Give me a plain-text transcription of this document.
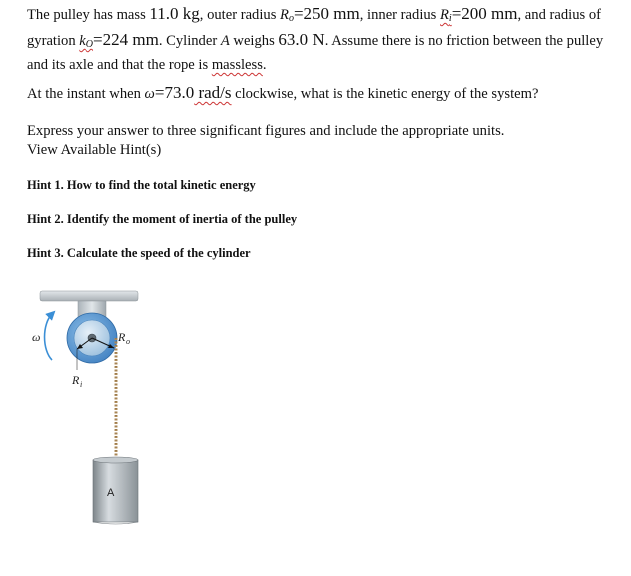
The pulley has mass 11.0 kg, outer radius $R_o=250$ mm, inner radius $R_i=200$ mm, and radius of gyration $k_O=224$ mm. Cylinder A weighs 63.0 N. Assume there is no friction between the pulley and its axle and that the rope is massless.

At the instant when ω=73.0 rad/s clockwise, what is the kinetic energy of the system?

Express your answer to three significant figures and include the appropriate units.

View Available Hint(s)

Hint 1. How to find the total kinetic energy
Hint 2. Identify the moment of inertia of the pulley
Hint 3. Calculate the speed of the cylinder
ω	R o
R i
A
